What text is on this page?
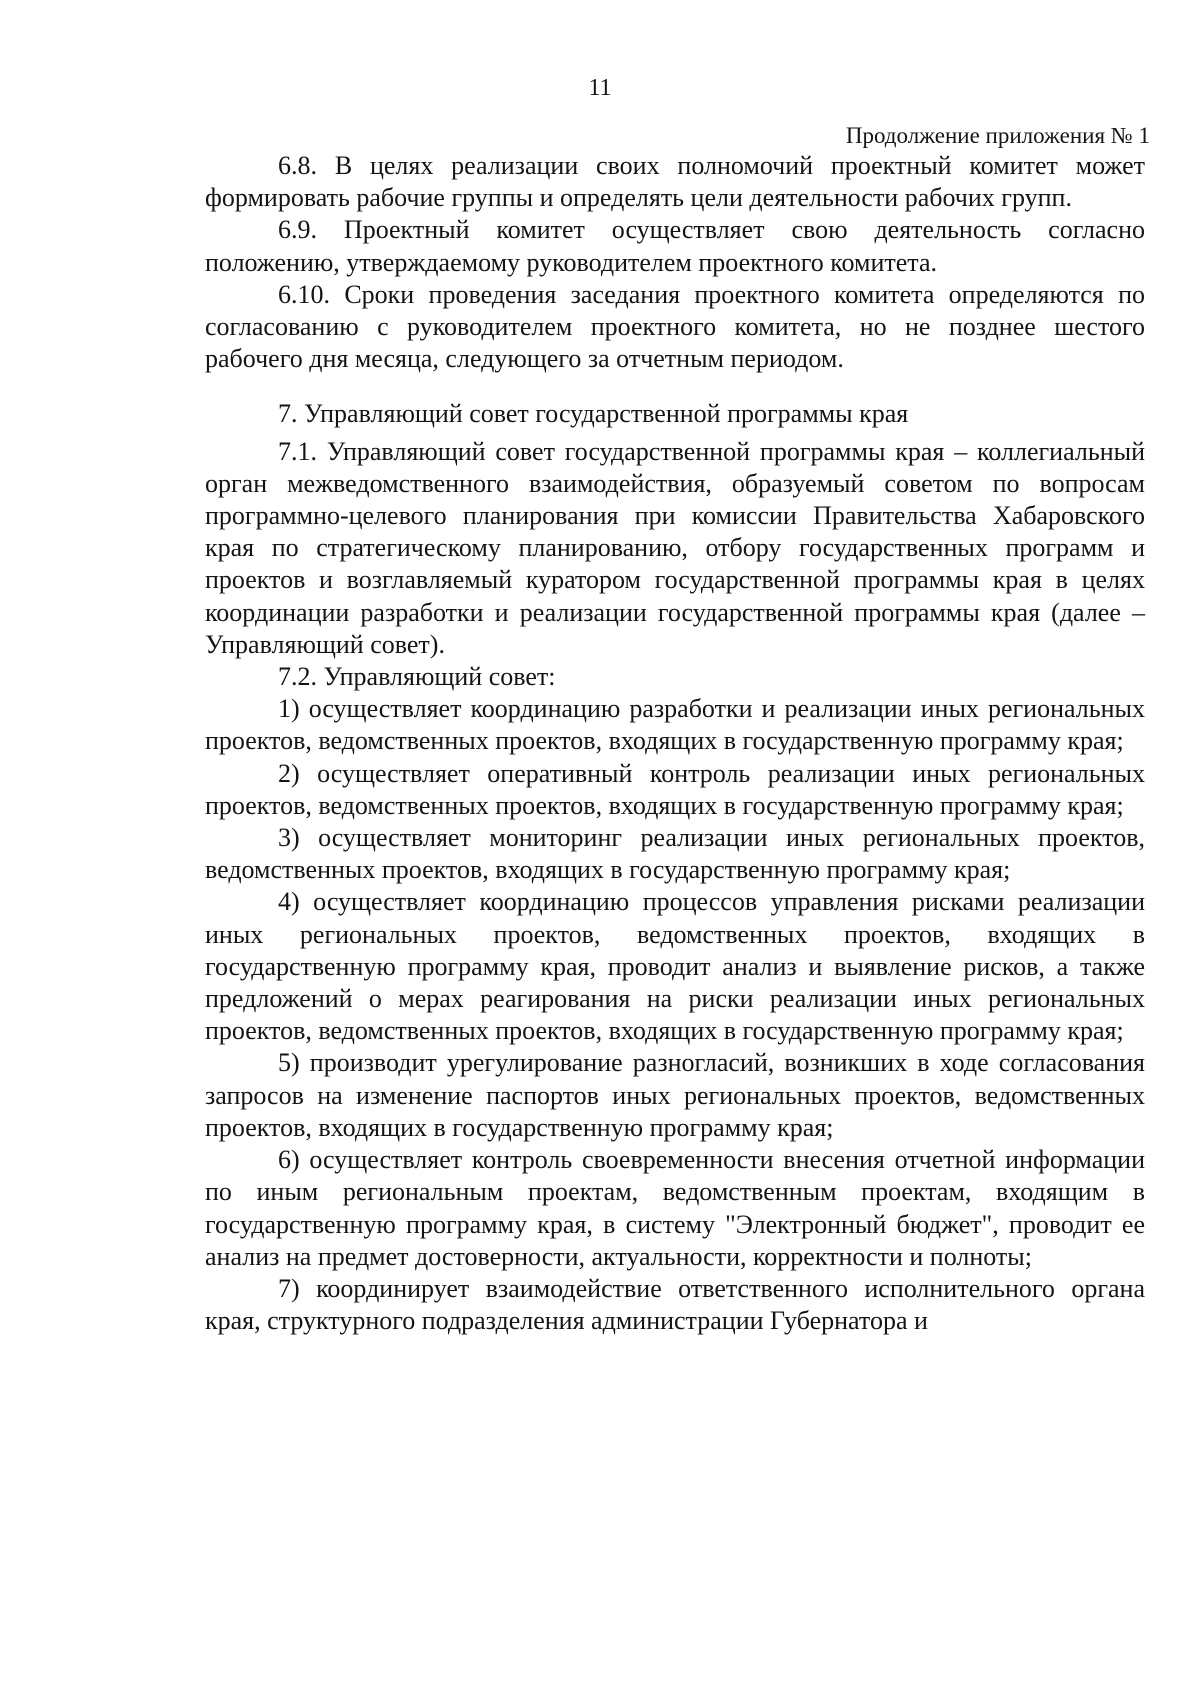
11
Продолжение приложения № 1

6.8. В целях реализации своих полномочий проектный комитет может формировать рабочие группы и определять цели деятельности рабочих групп.

6.9. Проектный комитет осуществляет свою деятельность согласно положению, утверждаемому руководителем проектного комитета.

6.10. Сроки проведения заседания проектного комитета определяются по согласованию с руководителем проектного комитета, но не позднее шестого рабочего дня месяца, следующего за отчетным периодом.

7. Управляющий совет государственной программы края

7.1. Управляющий совет государственной программы края – коллегиальный орган межведомственного взаимодействия, образуемый советом по вопросам программно-целевого планирования при комиссии Правительства Хабаровского края по стратегическому планированию, отбору государственных программ и проектов и возглавляемый куратором государственной программы края в целях координации разработки и реализации государственной программы края (далее – Управляющий совет).

7.2. Управляющий совет:

1) осуществляет координацию разработки и реализации иных региональных проектов, ведомственных проектов, входящих в государственную программу края;

2) осуществляет оперативный контроль реализации иных региональных проектов, ведомственных проектов, входящих в государственную программу края;

3) осуществляет мониторинг реализации иных региональных проектов, ведомственных проектов, входящих в государственную программу края;

4) осуществляет координацию процессов управления рисками реализации иных региональных проектов, ведомственных проектов, входящих в государственную программу края, проводит анализ и выявление рисков, а также предложений о мерах реагирования на риски реализации иных региональных проектов, ведомственных проектов, входящих в государственную программу края;

5) производит урегулирование разногласий, возникших в ходе согласования запросов на изменение паспортов иных региональных проектов, ведомственных проектов, входящих в государственную программу края;

6) осуществляет контроль своевременности внесения отчетной информации по иным региональным проектам, ведомственным проектам, входящим в государственную программу края, в систему "Электронный бюджет", проводит ее анализ на предмет достоверности, актуальности, корректности и полноты;

7) координирует взаимодействие ответственного исполнительного органа края, структурного подразделения администрации Губернатора и
